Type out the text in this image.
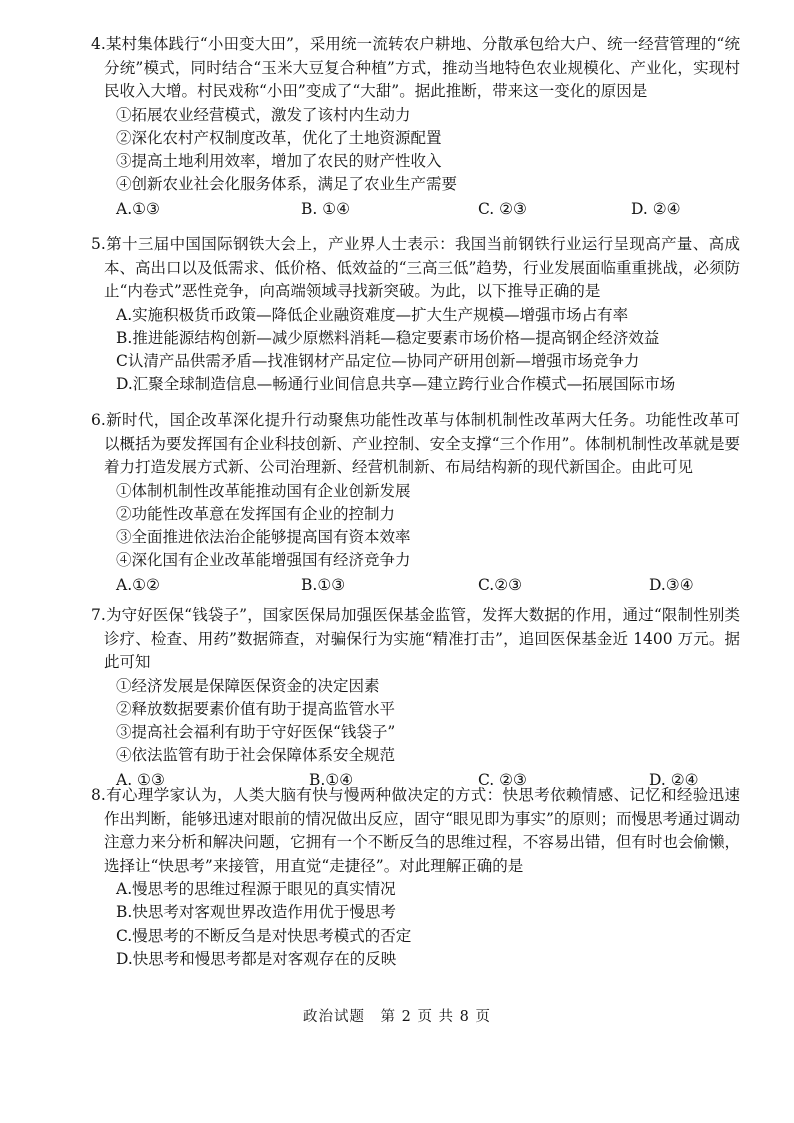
4.某村集体践行“小田变大田”，采用统一流转农户耕地、分散承包给大户、统一经营管理的“统分统”模式，同时结合“玉米大豆复合种植”方式，推动当地特色农业规模化、产业化，实现村民收入大增。村民戏称“小田”变成了“大甜”。据此推断，带来这一变化的原因是

①拓展农业经营模式，激发了该村内生动力

②深化农村产权制度改革，优化了土地资源配置

③提高土地利用效率，增加了农民的财产性收入

④创新农业社会化服务体系，满足了农业生产需要

A.①③	B. ①④	C. ②③	D. ②④

5.第十三届中国国际钢铁大会上，产业界人士表示：我国当前钢铁行业运行呈现高产量、高成本、高出口以及低需求、低价格、低效益的“三高三低”趋势，行业发展面临重重挑战，必须防止“内卷式”恶性竞争，向高端领域寻找新突破。为此，以下推导正确的是

A.实施积极货币政策—降低企业融资难度—扩大生产规模—增强市场占有率

B.推进能源结构创新—减少原燃料消耗—稳定要素市场价格—提高钢企经济效益

C认清产品供需矛盾—找准钢材产品定位—协同产研用创新—增强市场竞争力

D.汇聚全球制造信息—畅通行业间信息共享—建立跨行业合作模式—拓展国际市场

6.新时代，国企改革深化提升行动聚焦功能性改革与体制机制性改革两大任务。功能性改革可以概括为要发挥国有企业科技创新、产业控制、安全支撑“三个作用”。体制机制性改革就是要着力打造发展方式新、公司治理新、经营机制新、布局结构新的现代新国企。由此可见

①体制机制性改革能推动国有企业创新发展

②功能性改革意在发挥国有企业的控制力

③全面推进依法治企能够提高国有资本效率

④深化国有企业改革能增强国有经济竞争力

A.①②	B.①③	C.②③	D.③④

7.为守好医保“钱袋子”，国家医保局加强医保基金监管，发挥大数据的作用，通过“限制性别类诊疗、检查、用药”数据筛查，对骗保行为实施“精准打击”，追回医保基金近 1400 万元。据此可知

①经济发展是保障医保资金的决定因素

②释放数据要素价值有助于提高监管水平

③提高社会福利有助于守好医保“钱袋子”

④依法监管有助于社会保障体系安全规范

A. ①③	B.①④	C. ②③	D. ②④

8.有心理学家认为，人类大脑有快与慢两种做决定的方式：快思考依赖情感、记忆和经验迅速作出判断，能够迅速对眼前的情况做出反应，固守“眼见即为事实”的原则；而慢思考通过调动注意力来分析和解决问题，它拥有一个不断反刍的思维过程，不容易出错，但有时也会偷懒，选择让“快思考”来接管，用直觉“走捷径”。对此理解正确的是

A.慢思考的思维过程源于眼见的真实情况

B.快思考对客观世界改造作用优于慢思考

C.慢思考的不断反刍是对快思考模式的否定

D.快思考和慢思考都是对客观存在的反映

政治试题　第 2 页 共 8 页
